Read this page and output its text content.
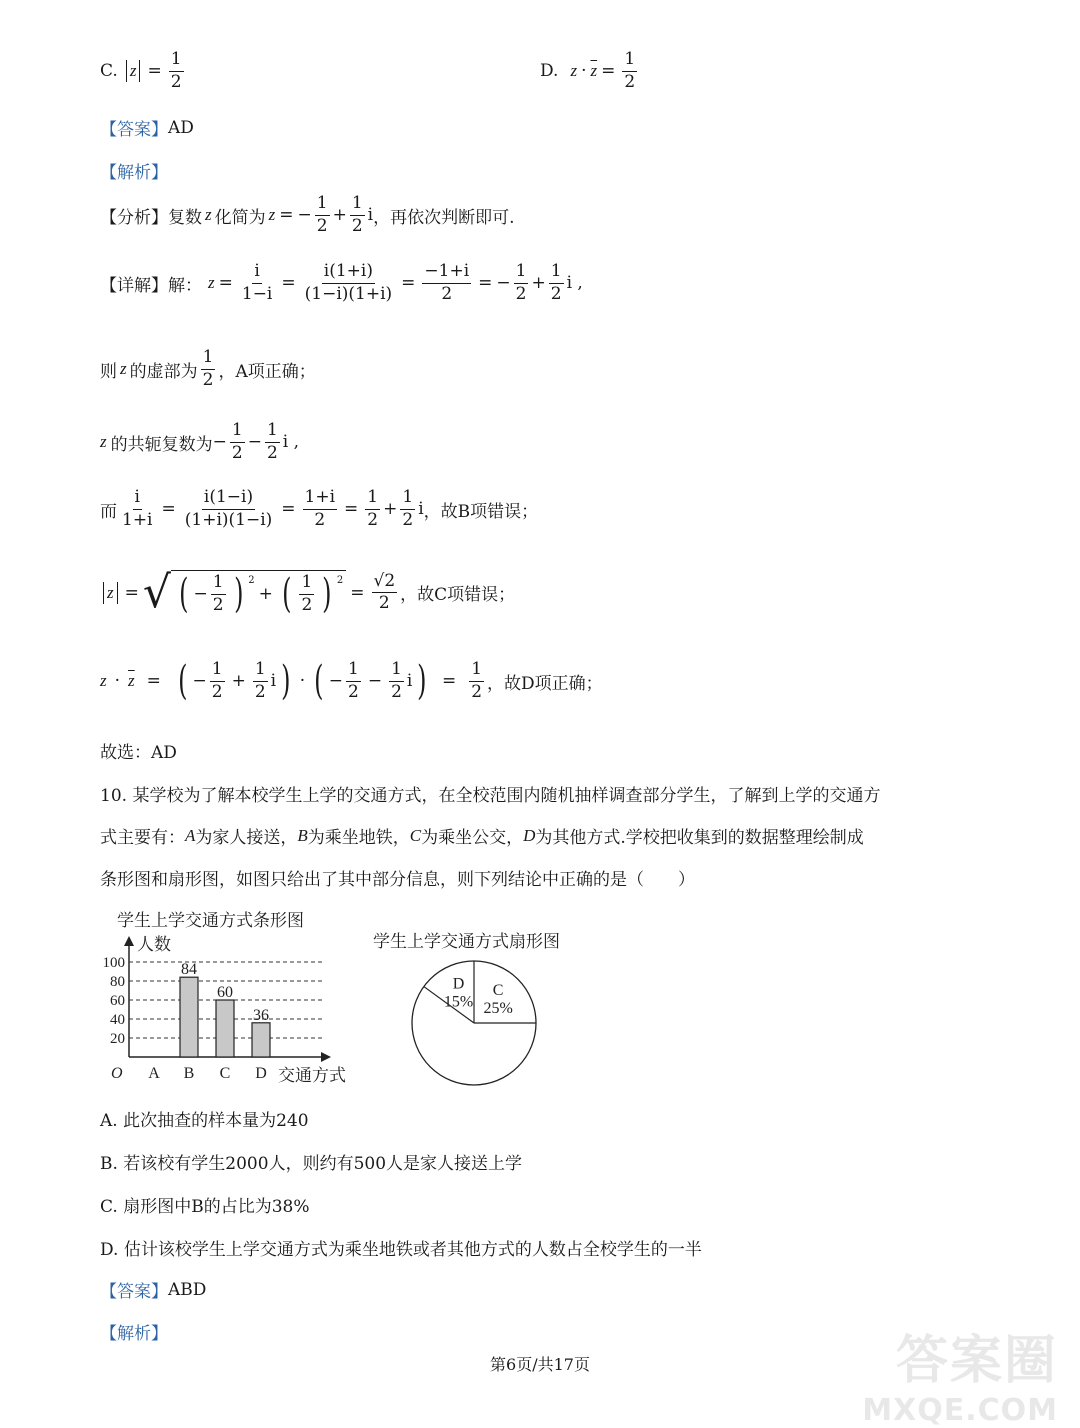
C. $z = \frac{1}{2}$	D. $z \cdot \overline{z} = \frac{1}{2}$
【答案】 AD
【解析】
【分析】 复数 z 化简为 z = − $\frac{1}{2} + \frac{1}{2}$ i ，再依次判断即可.
【详解】 解： $z = \frac{i}{1-i} = \frac{i(1+i)}{(1-i)(1+i)} = \frac{-1+i}{2}$ = − $\frac{1}{2} + \frac{1}{2}$ i ,
则 z 的虚部为 $\frac{1}{2}$ ，A项正确；
z 的共轭复数为 − $\frac{1}{2} - \frac{1}{2}$ i ,
而 $\frac{i}{1+i} = \frac{i(1-i)}{(1+i)(1-i)} = \frac{1+i}{2} = \frac{1}{2} + \frac{1}{2}$ i ，故B项错误；
z = √ ( − $\frac{1}{2}$ ) 2
+ ( $\frac{1}{2}$ ) 2
= $\frac{√2}{2}$ ，故C项错误；
$z \cdot \overline{z}$ = ( − $\frac{1}{2} + \frac{1}{2}$ i ) · ( − $\frac{1}{2} - \frac{1}{2}$ i ) = $\frac{1}{2}$ ，故D项正确；
故选：AD
10. 某学校为了解本校学生上学的交通方式，在全校范围内随机抽样调查部分学生，了解到上学的交通方
式主要有： A 为家人接送， B 为乘坐地铁， C 为乘坐公交， D 为其他方式.学校把收集到的数据整理绘制成
条形图和扇形图，如图只给出了其中部分信息，则下列结论中正确的是（　　）
学生上学交通方式条形图
人数
O	交通方式
20
40
60
80
100
A
84
B
60
C
36
D
学生上学交通方式扇形图
D
15%
C
25%
A. 此次抽查的样本量为240
B. 若该校有学生2000人，则约有500人是家人接送上学
C. 扇形图中B的占比为38%
D. 估计该校学生上学交通方式为乘坐地铁或者其他方式的人数占全校学生的一半
【答案】 ABD
【解析】
第6页/共17页	答案圈
MXQE.COM
